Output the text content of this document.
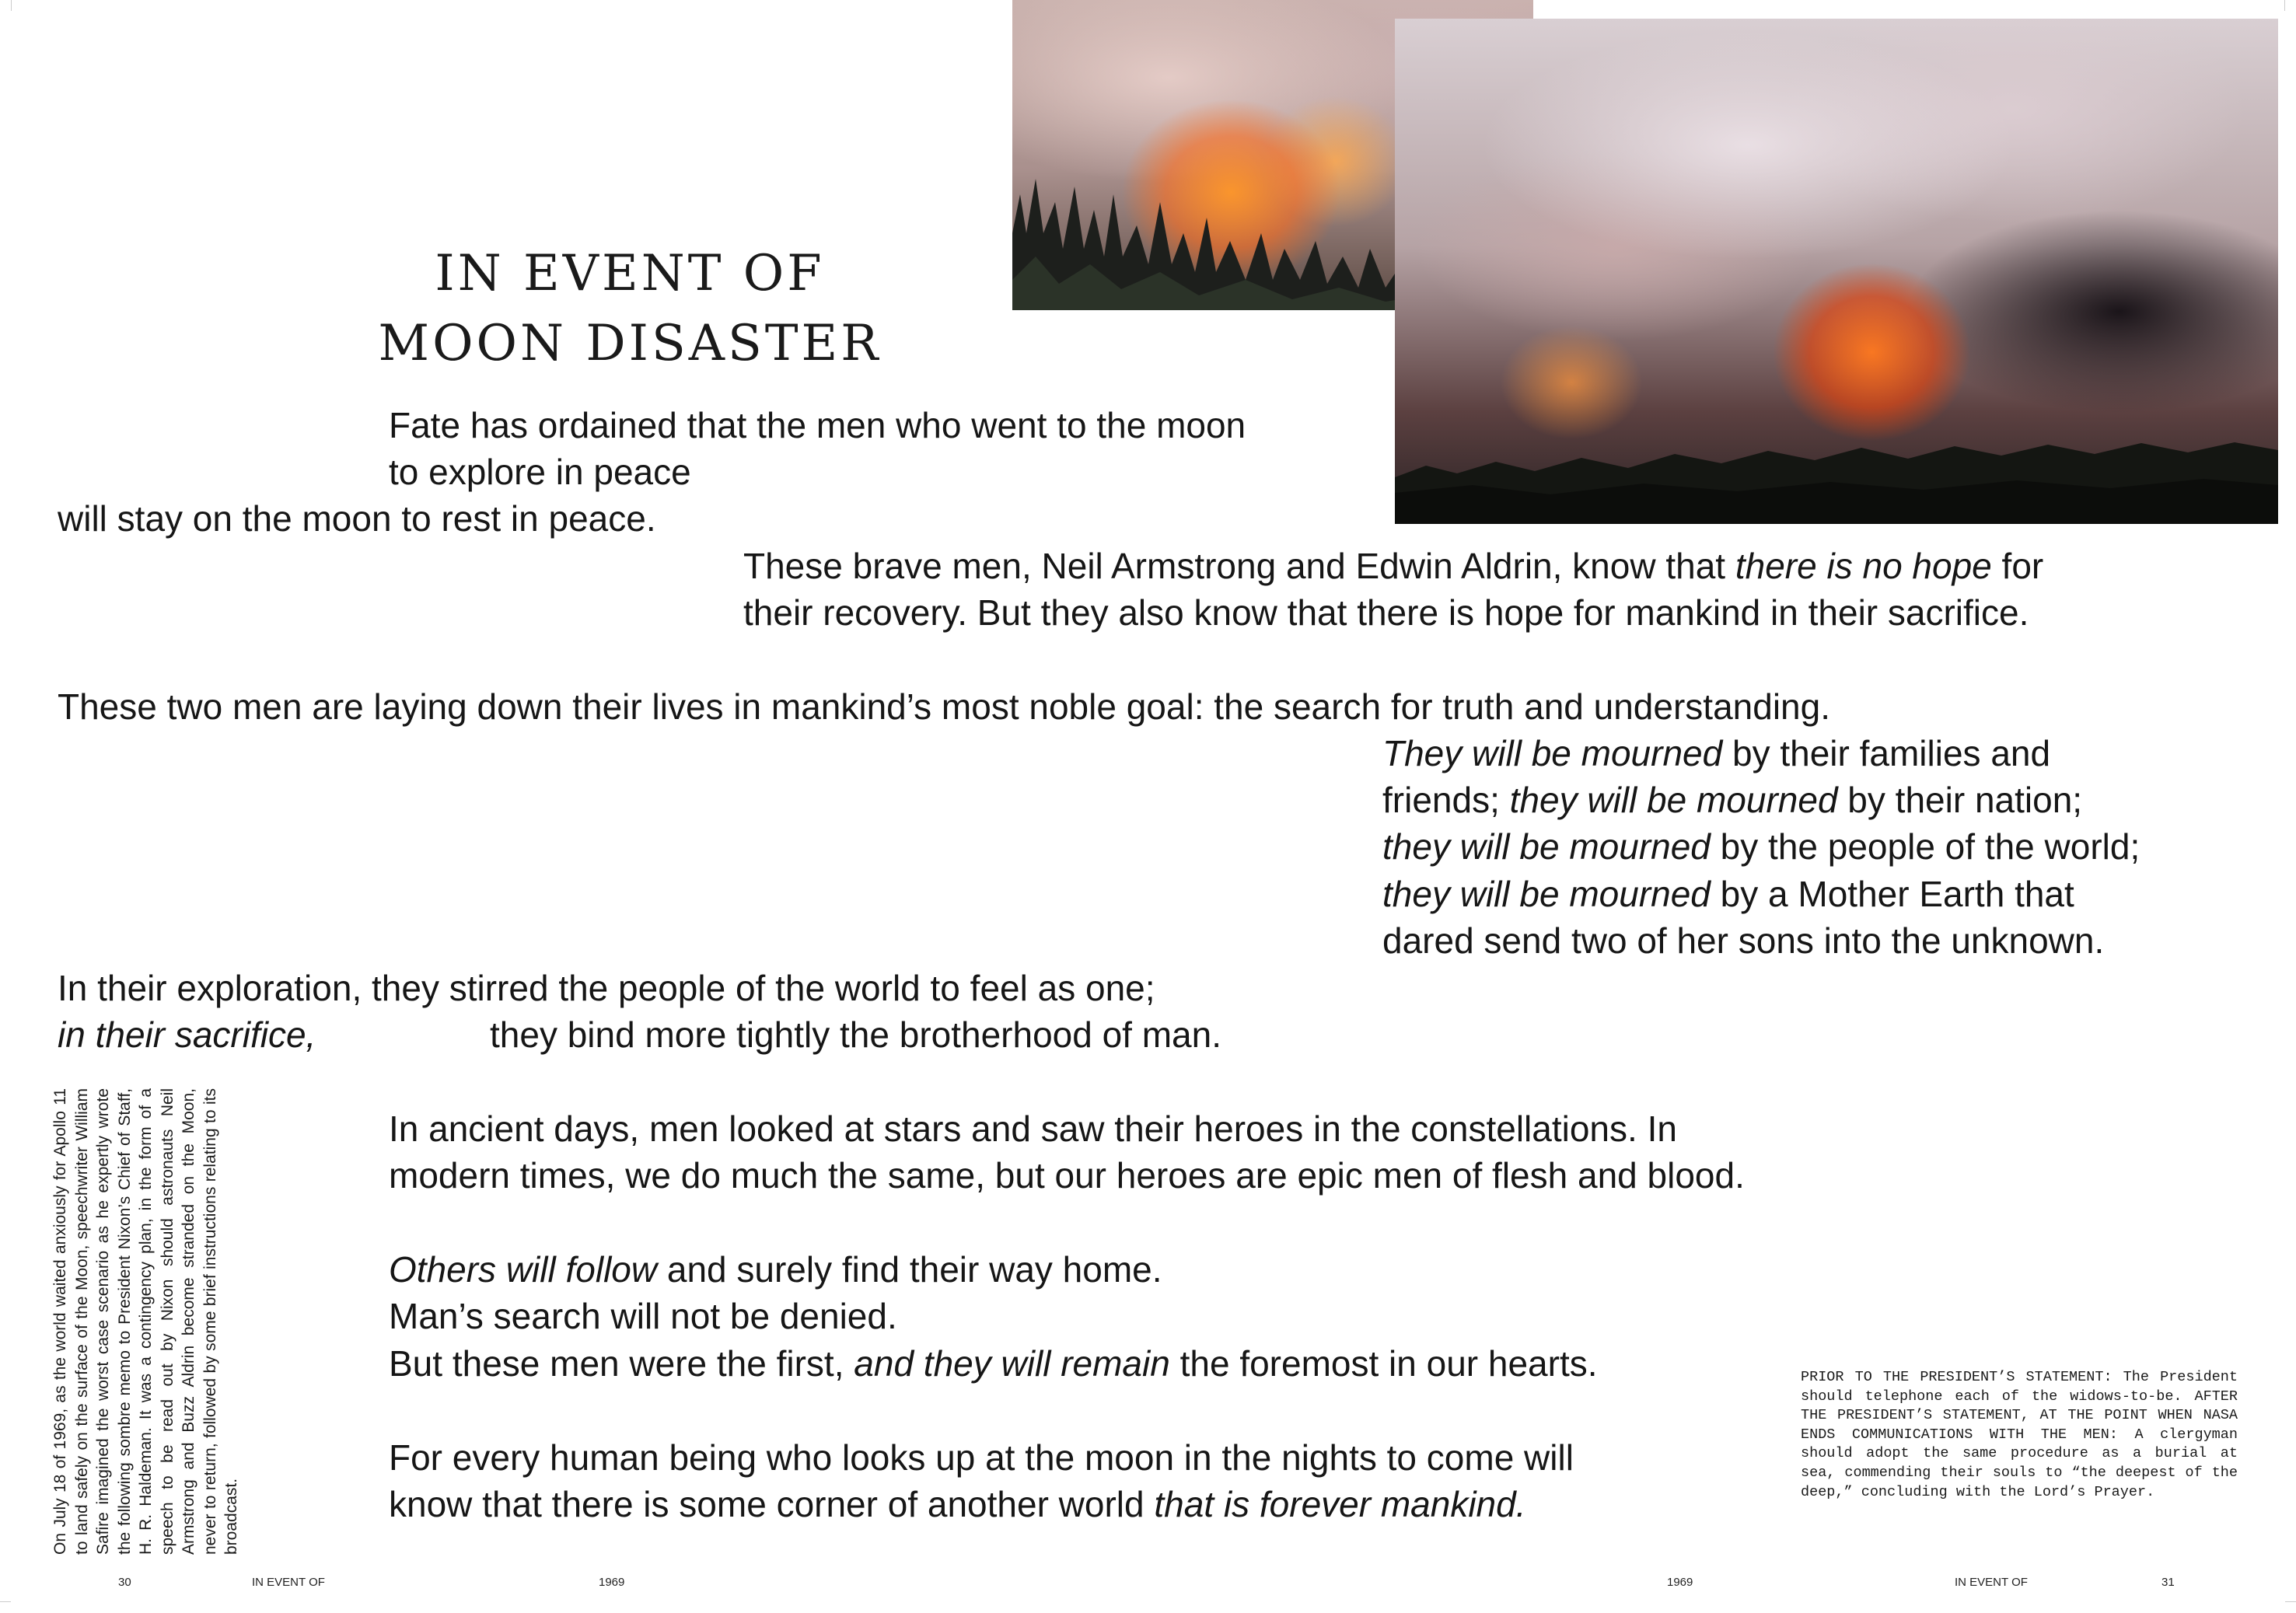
IN EVENT OF
MOON DISASTER
Fate has ordained that the men who went to the moon
to explore in peace
will stay on the moon to rest in peace.
These brave men, Neil Armstrong and Edwin Aldrin, know that there is no hope for
their recovery. But they also know that there is hope for mankind in their sacrifice.
These two men are laying down their lives in mankind’s most noble goal: the search for truth and understanding.
They will be mourned by their families and
friends; they will be mourned by their nation;
they will be mourned by the people of the world;
they will be mourned by a Mother Earth that
dared send two of her sons into the unknown.
In their exploration, they stirred the people of the world to feel as one;
in their sacrifice,	they bind more tightly the brotherhood of man.
In ancient days, men looked at stars and saw their heroes in the constellations. In
modern times, we do much the same, but our heroes are epic men of flesh and blood.
Others will follow and surely find their way home.
Man’s search will not be denied.
But these men were the first, and they will remain the foremost in our hearts.
For every human being who looks up at the moon in the nights to come will
know that there is some corner of another world that is forever mankind.
On July 18 of 1969, as the world waited anxiously for Apollo 11 to land safely on the surface of the Moon, speechwriter William Safire imagined the worst case scenario as he expertly wrote the following sombre memo to President Nixon’s Chief of Staff, H. R. Haldeman. It was a contingency plan, in the form of a speech to be read out by Nixon should astronauts Neil Armstrong and Buzz Aldrin become stranded on the Moon, never to return, followed by some brief instructions relating to its broadcast.
PRIOR TO THE PRESIDENT’S STATEMENT: The President should telephone each of the widows-to-be. AFTER THE PRESIDENT’S STATEMENT, AT THE POINT WHEN NASA ENDS COMMUNICATIONS WITH THE MEN: A clergyman should adopt the same procedure as a burial at sea, commending their souls to “the deepest of the deep,” concluding with the Lord’s Prayer.
30	IN EVENT OF	1969	1969	IN EVENT OF	31
